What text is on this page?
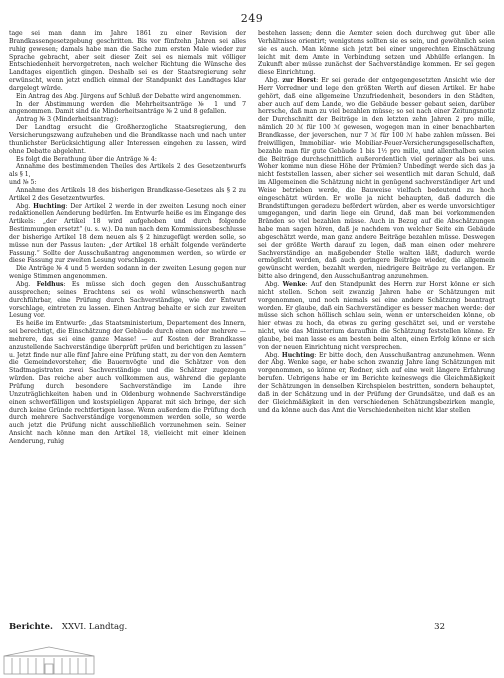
249

tage sei man dann im Jahre 1861 zu einer Revision der Brandkassengesetzgebung geschritten. Bis vor fünfzehn Jahren sei alles ruhig gewesen; damals habe man die Sache zum ersten Male wieder zur Sprache gebracht, aber seit dieser Zeit sei es niemals mit völliger Entschiedenheit hervorgetreten, nach welcher Richtung die Wünsche des Landtages eigentlich gingen. Deshalb sei es der Staatsregierung sehr erwünscht, wenn jetzt endlich einmal der Standpunkt des Landtages klar dargelegt würde.

Ein Antrag des Abg. Jürgens auf Schluß der Debatte wird angenommen.

In der Abstimmung werden die Mehrheitsanträge № 1 und 7 angenommen. Damit sind die Minderheitsanträge № 2 und 8 gefallen.

Antrag № 3 (Minderheitsantrag):

Der Landtag ersucht die Großherzogliche Staatsregierung, den Versicherungszwang aufzuheben und die Brandkasse nach und nach unter thunlichster Berücksichtigung aller Interessen eingehen zu lassen, wird ohne Debatte abgelehnt.

Es folgt die Berathung über die Anträge № 4:

Annahme des bestimmenden Theiles des Artikels 2 des Gesetzentwurfs als § 1,

und № 5:

Annahme des Artikels 18 des bisherigen Brandkasse-Gesetzes als § 2 zu Artikel 2 des Gesetzentwurfes.

Abg. Huchting: Der Artikel 2 werde in der zweiten Lesung noch einer redaktionellen Aenderung bedürfen. Im Entwurfe heiße es im Eingange des Artikels: „der Artikel 18 wird aufgehoben und durch folgende Bestimmungen ersetzt“ (u. s. w.). Da nun nach dem Kommissionsbeschlusse der bisherige Artikel 18 dem neuen als § 2 hinzugefügt werden solle, so müsse nun der Passus lauten: „der Artikel 18 erhält folgende veränderte Fassung.“ Sollte der Ausschußantrag angenommen werden, so würde er diese Fassung zur zweiten Lesung vorschlagen.

Die Anträge № 4 und 5 werden sodann in der zweiten Lesung gegen nur wenige Stimmen angenommen.

Abg. Feldhus: Es müsse sich doch gegen den Ausschußantrag aussprechen; seines Erachtens sei es wohl wünschenswerth nach durchführbar, eine Prüfung durch Sachverständige, wie der Entwurf vorschlage, eintreten zu lassen. Einen Antrag behalte er sich zur zweiten Lesung vor.

Es heiße im Entwurfe: „das Staatsministerium, Departement des Innern, sei berechtigt, die Einschätzung der Gebäude durch einen oder mehrere — mehrere, das sei eine ganze Masse! — auf Kosten der Brandkasse anzustellende Sachverständige überprüft prüfen und berichtigen zu lassen“ u. Jetzt finde nur alle fünf Jahre eine Prüfung statt, zu der von den Aemtern die Gemeindevorsteher, die Bauernvögte und die Schätzer von den Stadtmagistraten zwei Sachverständige und die Schätzer zugezogen würden. Das reiche aber auch vollkommen aus, während die geplante Prüfung durch besondere Sachverständige im Lande ihre Unzuträglichkeiten haben und in Oldenburg wohnende Sachverständige einen schwerfälligen und kostspieligen Apparat mit sich bringe, der sich durch keine Gründe rechtfertigen lasse. Wenn außerdem die Prüfung doch durch mehrere Sachverständige vorgenommen werden solle, so werde auch jetzt die Prüfung nicht ausschließlich vorzunehmen sein. Seiner Ansicht nach könne man den Artikel 18, vielleicht mit einer kleinen Aenderung, ruhig

bestehen lassen; denn die Aemter seien doch durchweg gut über alle Verhältnisse orientirt; wenigstens sollten sie es sein, und gewöhnlich seien sie es auch. Man könne sich jetzt bei einer ungerechten Einschätzung leicht mit dem Amte in Verbindung setzen und Abhülfe erlangen. In Zukunft aber müsse zunächst der Sachverständige kommen. Er sei gegen diese Einrichtung.

Abg. zur Horst: Er sei gerade der entgegengesetzten Ansicht wie der Herr Vorredner und lege den größten Werth auf diesen Artikel. Er habe gehört, daß eine allgemeine Unzufriedenheit, besonders in den Städten, aber auch auf dem Lande, wo die Gebäude besser gebaut seien, darüber herrsche, daß man zu viel bezahlen müsse; so sei nach einer Zeitungsnotiz der Durchschnitt der Beiträge in den letzten zehn Jahren 2 pro mille, nämlich 20 ℳ für 100 ℳ gewesen, wogegen man in einer benachbarten Brandkasse, der jeverschen, nur 7 ℳ für 100 ℳ habe zahlen müssen. Bei freiwilligen, Immobiliar- wie Mobiliar-Feuer-Versicherungsgesellschaften, bezahle man für gute Gebäude 1 bis 1½ pro mille, und allenthalben seien die Beiträge durchschnittlich außerordentlich viel geringer als bei uns. Woher komme nun diese Höhe der Prämien? Unbedingt werde sich das ja nicht feststellen lassen, aber sicher sei wesentlich mit daran Schuld, daß im Allgemeinen die Schätzung nicht in genügend sachverständiger Art und Weise betrieben werde, die Bauweise vielfach bedeutend zu hoch eingeschätzt würden. Er wolle ja nicht behaupten, daß dadurch die Brandstiftungen geradezu befördert würden, aber es werde unvorsichtiger umgegangen, und darin liege ein Grund, daß man bei vorkommenden Bränden so viel bezahlen müsse. Auch in Bezug auf die Abschätzungen habe man sagen hören, daß je nachdem von welcher Seite ein Gebäude abgeschätzt werde, man ganz andere Beiträge bezahlen müsse. Deswegen sei der größte Werth darauf zu legen, daß man einen oder mehrere Sachverständige an maßgebender Stelle walten läßt, dadurch werde ermöglicht werden, daß auch geringere Beiträge wieder, die allgemein gewünscht werden, bezahlt werden, niedrigere Beiträge zu verlangen. Er bitte also dringend, den Ausschußantrag anzunehmen.

Abg. Wenke: Auf den Standpunkt des Herrn zur Horst könne er sich nicht stellen. Schon seit zwanzig Jahren habe er Schätzungen mit vorgenommen, und noch niemals sei eine andere Schätzung beantragt worden. Er glaube, daß ein Sachverständiger es besser machen werde: der müsse sich schon höllisch schlau sein, wenn er unterscheiden könne, ob hier etwas zu hoch, da etwas zu gering geschätzt sei, und er verstehe nicht, wie das Ministerium daraufhin die Schätzung feststellen könne. Er glaube, bei man lasse es am besten beim alten, einen Erfolg könne er sich von der neuen Einrichtung nicht versprechen.

Abg. Huchting: Er bitte doch, den Ausschußantrag anzunehmen. Wenn der Abg. Wenke sage, er habe schon zwanzig Jahre lang Schätzungen mit vorgenommen, so könne er, Redner, sich auf eine weit längere Erfahrung berufen. Uebrigens habe er im Berichte keineswegs die Gleichmäßigkeit der Schätzungen in denselben Kirchspielen bestritten, sondern behauptet, daß in der Schätzung und in der Prüfung der Grundsätze, und daß es an der Gleichmäßigkeit in den verschiedenen Schätzungsbezirken mangle, und da könne auch das Amt die Verschiedenheiten nicht klar stellen

Berichte. XXVI. Landtag.	32
